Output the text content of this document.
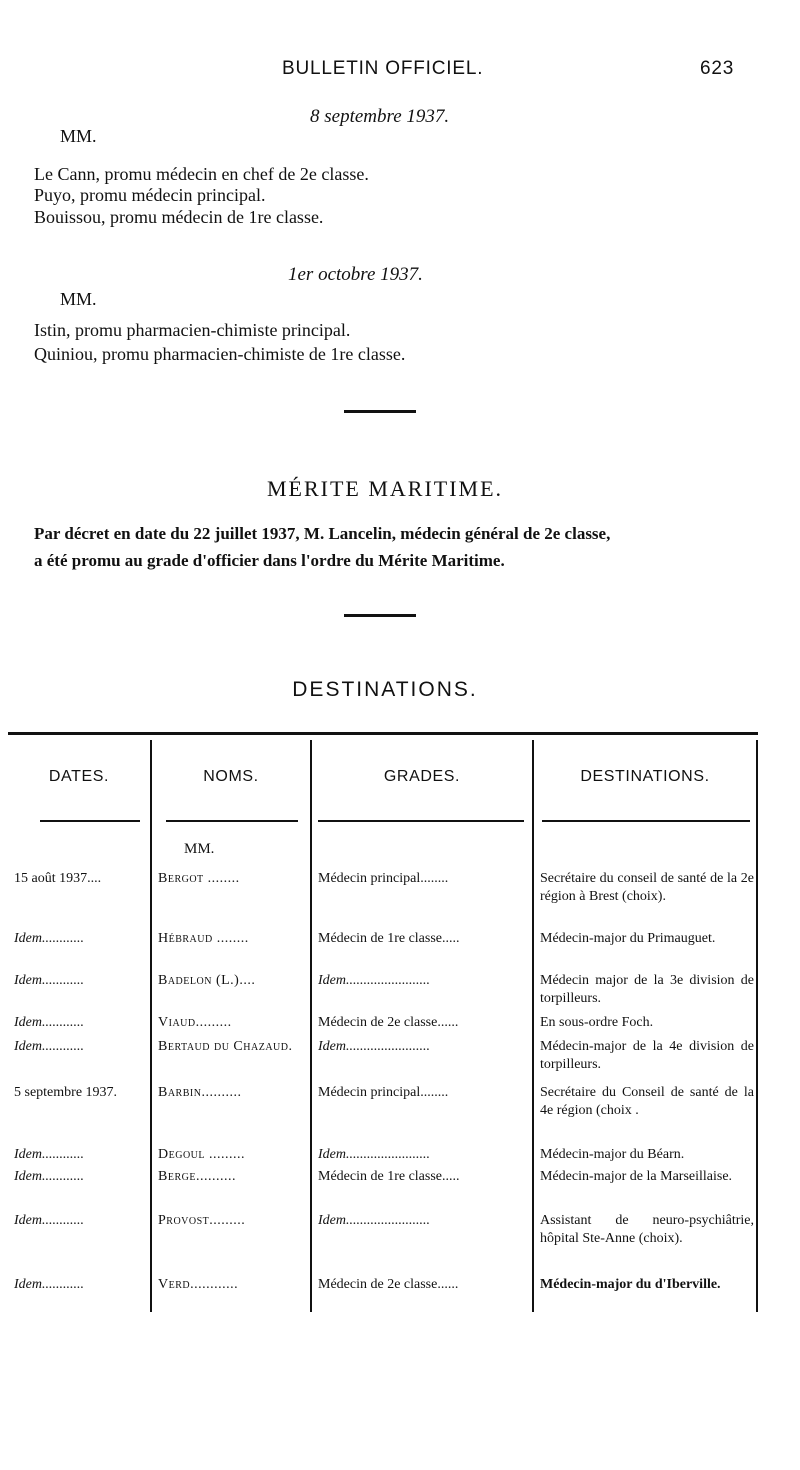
BULLETIN OFFICIEL.	623
8 septembre 1937.
MM.
Le Cann, promu médecin en chef de 2e classe.
Puyo, promu médecin principal.
Bouissou, promu médecin de 1re classe.
1er octobre 1937.
MM.
Istin, promu pharmacien-chimiste principal.
Quiniou, promu pharmacien-chimiste de 1re classe.
MÉRITE MARITIME.
Par décret en date du 22 juillet 1937, M. Lancelin, médecin général de 2e classe,
a été promu au grade d'officier dans l'ordre du Mérite Maritime.
DESTINATIONS.
DATES.	NOMS.	GRADES.	DESTINATIONS.
MM.
15 août 1937....	Bergot ........	Médecin principal........	Secrétaire du conseil de santé de la 2e région à Brest (choix).
Idem............	Hébraud ........	Médecin de 1re classe.....	Médecin-major du Primauguet.
Idem............	Badelon (L.)....	Idem........................	Médecin major de la 3e division de torpilleurs.
Idem............	Viaud.........	Médecin de 2e classe......	En sous-ordre Foch.
Idem............	Bertaud du Chazaud.	Idem........................	Médecin-major de la 4e division de torpilleurs.
5 septembre 1937.	Barbin..........	Médecin principal........	Secrétaire du Conseil de santé de la 4e région (choix .
Idem............	Degoul .........	Idem........................	Médecin-major du Béarn.
Idem............	Berge..........	Médecin de 1re classe.....	Médecin-major de la Marseillaise.
Idem............	Provost.........	Idem........................	Assistant de neuro-psychiâtrie, hôpital Ste-Anne (choix).
Idem............	Verd............	Médecin de 2e classe......	Médecin-major du d'Iberville.
